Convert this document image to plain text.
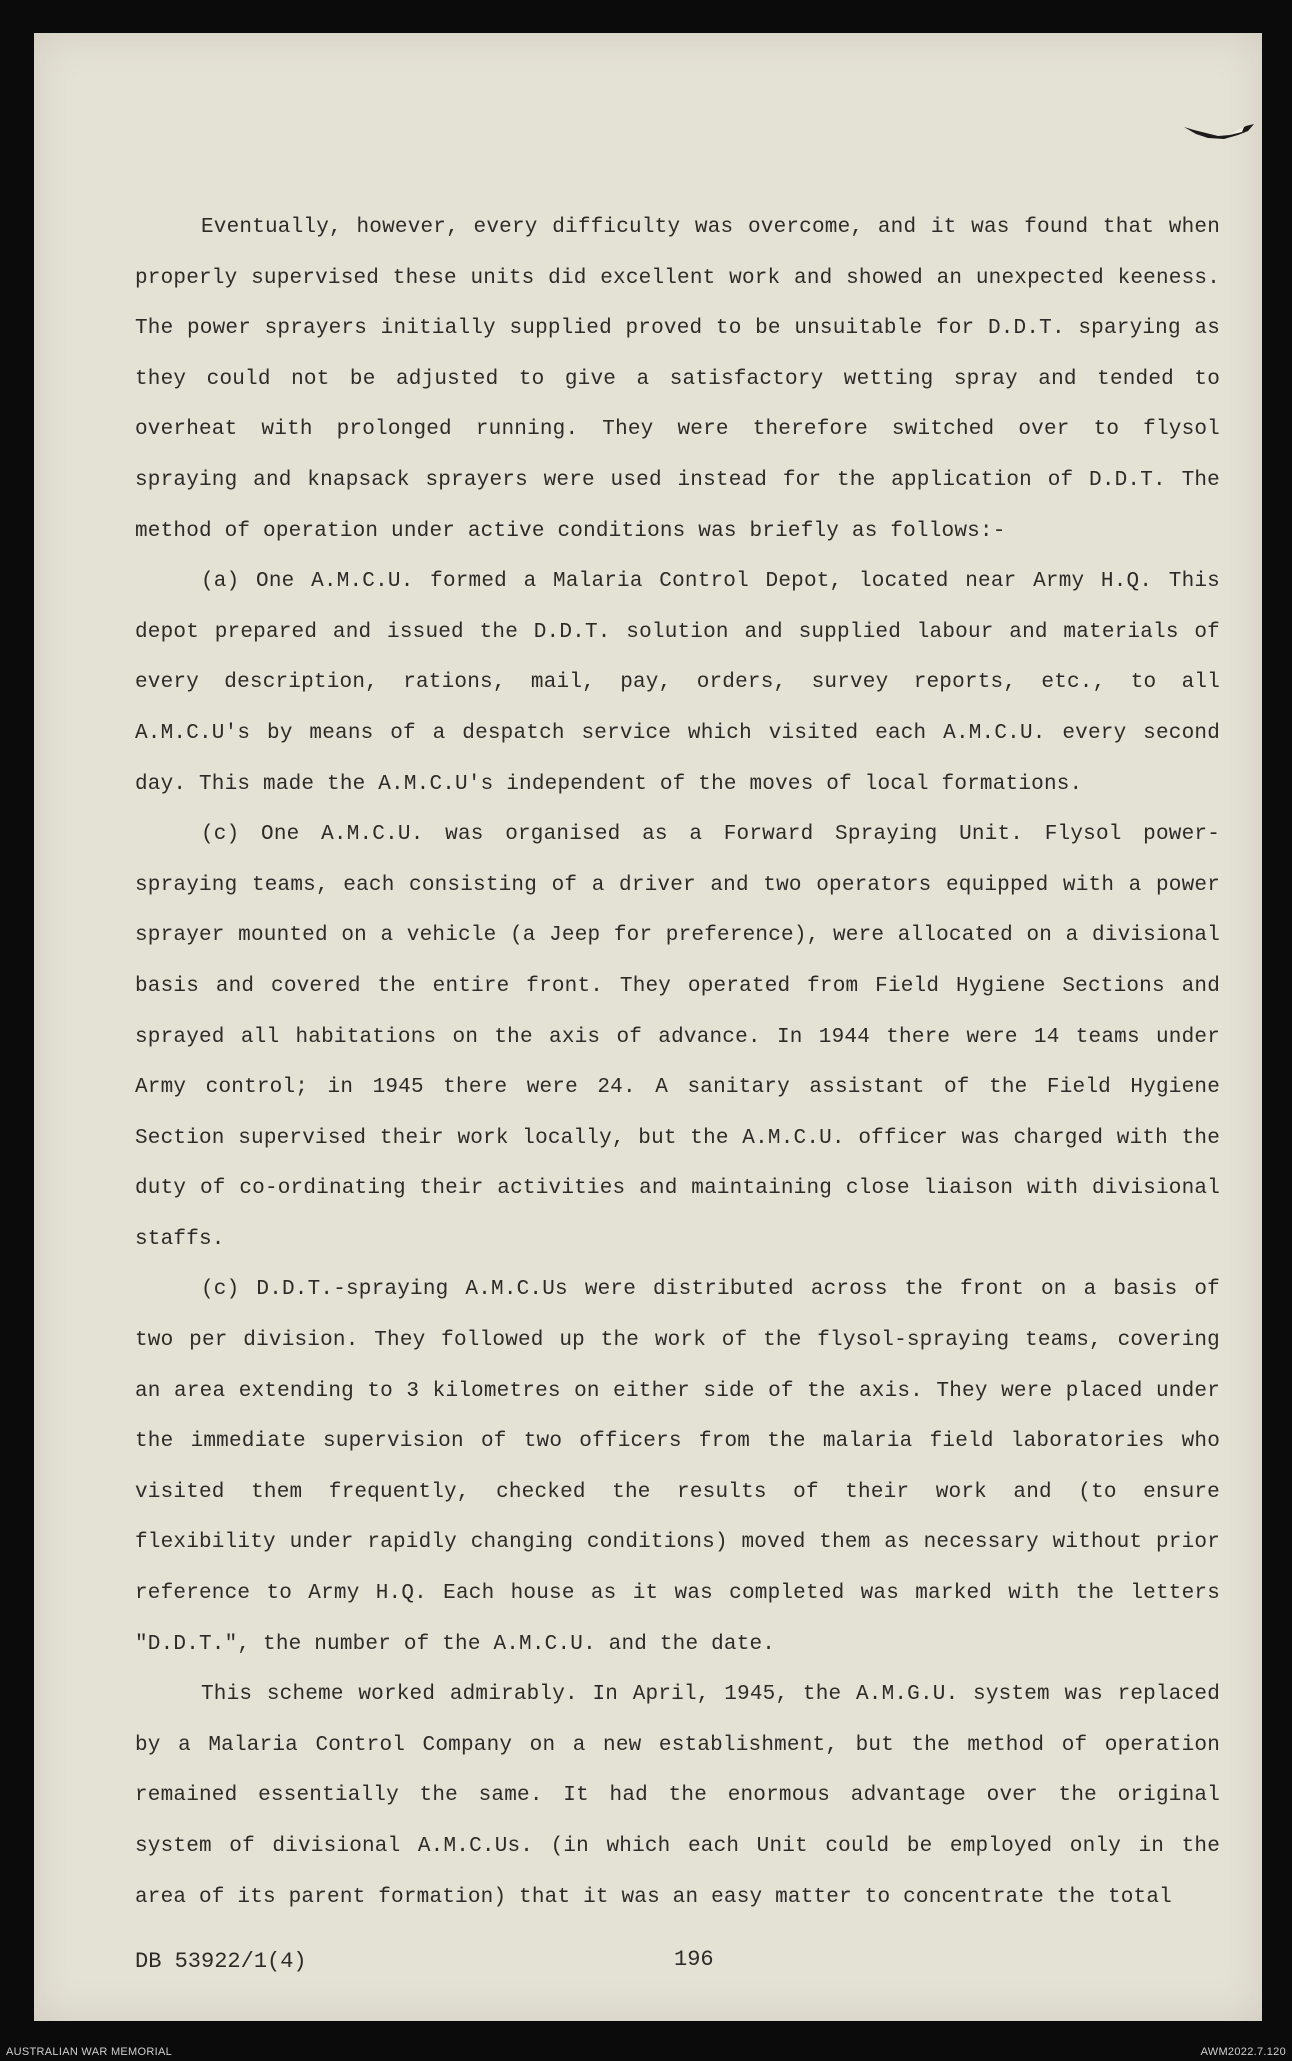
Eventually, however, every difficulty was overcome, and it was found that when properly supervised these units did excellent work and showed an unexpected keeness. The power sprayers initially supplied proved to be unsuitable for D.D.T. sparying as they could not be adjusted to give a satisfactory wetting spray and tended to overheat with prolonged running. They were therefore switched over to flysol spraying and knapsack sprayers were used instead for the application of D.D.T. The method of operation under active conditions was briefly as follows:-

(a) One A.M.C.U. formed a Malaria Control Depot, located near Army H.Q. This depot prepared and issued the D.D.T. solution and supplied labour and materials of every description, rations, mail, pay, orders, survey reports, etc., to all A.M.C.U's by means of a despatch service which visited each A.M.C.U. every second day. This made the A.M.C.U's independent of the moves of local formations.

(c) One A.M.C.U. was organised as a Forward Spraying Unit. Flysol power-spraying teams, each consisting of a driver and two operators equipped with a power sprayer mounted on a vehicle (a Jeep for preference), were allocated on a divisional basis and covered the entire front. They operated from Field Hygiene Sections and sprayed all habitations on the axis of advance. In 1944 there were 14 teams under Army control; in 1945 there were 24. A sanitary assistant of the Field Hygiene Section supervised their work locally, but the A.M.C.U. officer was charged with the duty of co-ordinating their activities and maintaining close liaison with divisional staffs.

(c) D.D.T.-spraying A.M.C.Us were distributed across the front on a basis of two per division. They followed up the work of the flysol-spraying teams, covering an area extending to 3 kilometres on either side of the axis. They were placed under the immediate supervision of two officers from the malaria field laboratories who visited them frequently, checked the results of their work and (to ensure flexibility under rapidly changing conditions) moved them as necessary without prior reference to Army H.Q. Each house as it was completed was marked with the letters "D.D.T.", the number of the A.M.C.U. and the date.

This scheme worked admirably. In April, 1945, the A.M.G.U. system was replaced by a Malaria Control Company on a new establishment, but the method of operation remained essentially the same. It had the enormous advantage over the original system of divisional A.M.C.Us. (in which each Unit could be employed only in the area of its parent formation) that it was an easy matter to concentrate the total

DB 53922/1(4)	196
AUSTRALIAN WAR MEMORIAL	AWM2022.7.120
